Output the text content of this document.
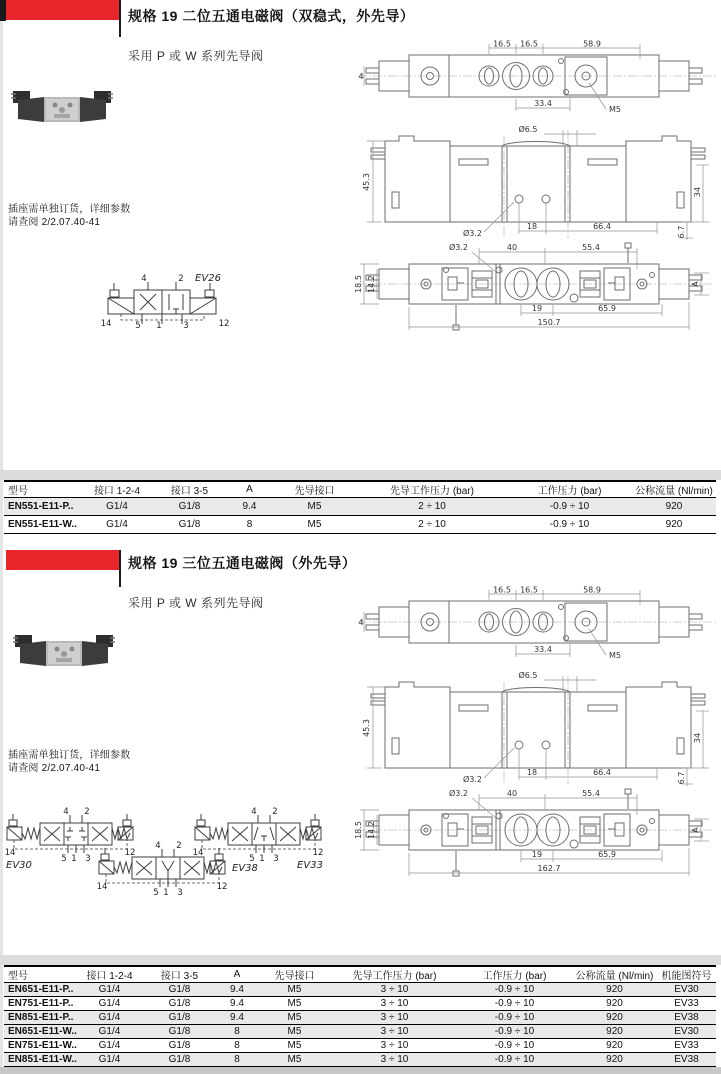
规格 19 二位五通电磁阀（双稳式，外先导）
采用 P 或 W 系列先导阀
插座需单独订货，详细参数
请查阅 2/2.07.40-41
EV26
4	2
5 1	3
14	12
16.5 16.5	58.9
33.4
M5
4
Ø6.5
45.3
34
6.7
Ø3.2
18	66.4
Ø3.2	40	55.4
18.5 14.2	A
19	65.9
150.7
型号	接口 1-2-4	接口 3-5	A	先导接口	先导工作压力 (bar)	工作压力 (bar)	公称流量 (Nl/min)
EN551-E11-P..	G1/4	G1/8	9.4	M5	2 ÷ 10	-0.9 ÷ 10	920
EN551-E11-W..	G1/4	G1/8	8	M5	2 ÷ 10	-0.9 ÷ 10	920
规格 19 三位五通电磁阀（外先导）
采用 P 或 W 系列先导阀
插座需单独订货，详细参数
请查阅 2/2.07.40-41
4 2
5 1 3
14	12
EV30
4 2
5 1 3
14	12
EV38
4 2
5 1 3
14	12
EV33
16.5 16.5	58.9
33.4
M5
4
Ø6.5
45.3
34
6.7
Ø3.2
18	66.4
Ø3.2	40	55.4
18.5 14.2	A
19	65.9
162.7
型号	接口 1-2-4	接口 3-5	A	先导接口	先导工作压力 (bar)	工作压力 (bar)	公称流量 (Nl/min)	机能图符号
EN651-E11-P..	G1/4	G1/8	9.4	M5	3 ÷ 10	-0.9 ÷ 10	920	EV30
EN751-E11-P..	G1/4	G1/8	9.4	M5	3 ÷ 10	-0.9 ÷ 10	920	EV33
EN851-E11-P..	G1/4	G1/8	9.4	M5	3 ÷ 10	-0.9 ÷ 10	920	EV38
EN651-E11-W..	G1/4	G1/8	8	M5	3 ÷ 10	-0.9 ÷ 10	920	EV30
EN751-E11-W..	G1/4	G1/8	8	M5	3 ÷ 10	-0.9 ÷ 10	920	EV33
EN851-E11-W..	G1/4	G1/8	8	M5	3 ÷ 10	-0.9 ÷ 10	920	EV38
